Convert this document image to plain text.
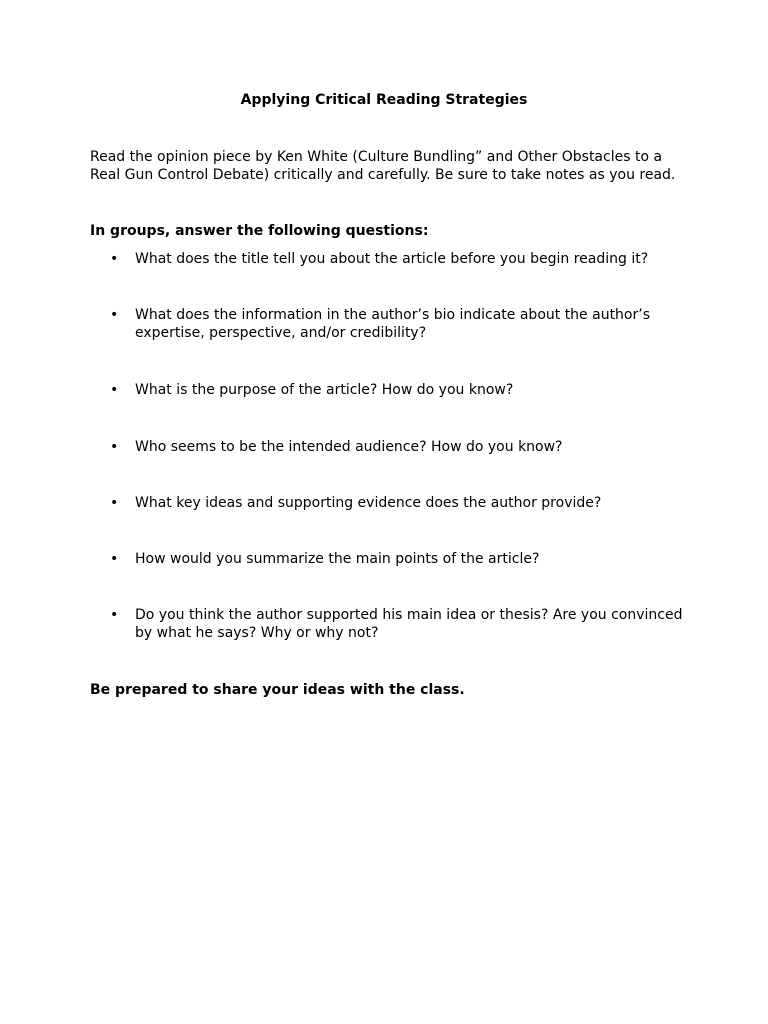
Applying Critical Reading Strategies
Read the opinion piece by Ken White (Culture Bundling” and Other Obstacles to a Real Gun Control Debate) critically and carefully. Be sure to take notes as you read.
In groups, answer the following questions:
• What does the title tell you about the article before you begin reading it?
• What does the information in the author’s bio indicate about the author’s expertise, perspective, and/or credibility?
• What is the purpose of the article? How do you know?
• Who seems to be the intended audience? How do you know?
• What key ideas and supporting evidence does the author provide?
• How would you summarize the main points of the article?
• Do you think the author supported his main idea or thesis? Are you convinced by what he says? Why or why not?
Be prepared to share your ideas with the class.
